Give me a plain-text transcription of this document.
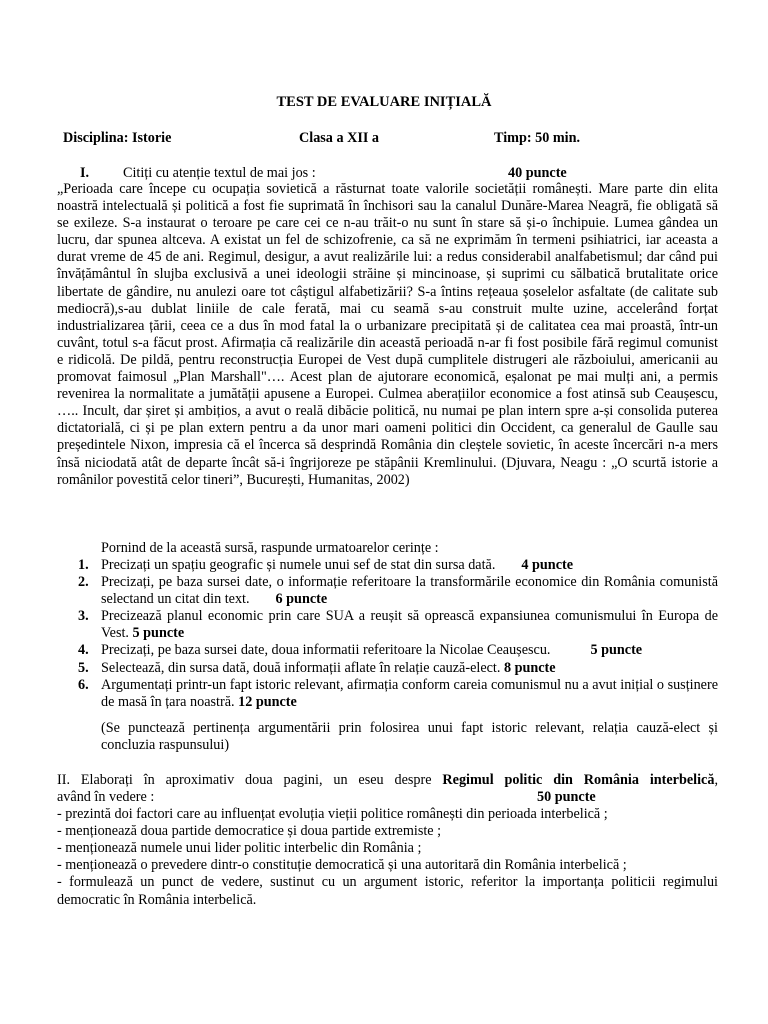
TEST DE EVALUARE INIȚIALĂ
Disciplina: Istorie	Clasa a XII a	Timp: 50 min.
I. Citiți cu atenție textul de mai jos :	40 puncte

„Perioada care începe cu ocupația sovietică a răsturnat toate valorile societății românești. Mare parte din elita noastră intelectuală și politică a fost fie suprimată în închisori sau la canalul Dunăre-Marea Neagră, fie obligată să se exileze. S-a instaurat o teroare pe care cei ce n-au trăit-o nu sunt în stare să și-o închipuie. Lumea gândea un lucru, dar spunea altceva. A existat un fel de schizofrenie, ca să ne exprimăm în termeni psihiatrici, iar aceasta a durat vreme de 45 de ani. Regimul, desigur, a avut realizările lui: a redus considerabil analfabetismul; dar când pui învățământul în slujba exclusivă a unei ideologii străine și mincinoase, și suprimi cu sălbatică brutalitate orice libertate de gândire, nu anulezi oare tot câștigul alfabetizării? S-a întins rețeaua șoselelor asfaltate (de calitate sub mediocră),s-au dublat liniile de cale ferată, mai cu seamă s-au construit multe uzine, accelerând forțat industrializarea țării, ceea ce a dus în mod fatal la o urbanizare precipitată și de calitatea cea mai proastă, într-un cuvânt, totul s-a făcut prost. Afirmația că realizările din această perioadă n-ar fi fost posibile fără regimul comunist e ridicolă. De pildă, pentru reconstrucția Europei de Vest după cumplitele distrugeri ale războiului, americanii au promovat faimosul „Plan Marshall"…. Acest plan de ajutorare economică, eșalonat pe mai mulți ani, a permis revenirea la normalitate a jumătății apusene a Europei. Culmea aberațiilor economice a fost atinsă sub Ceaușescu, ….. Incult, dar șiret și ambițios, a avut o reală dibăcie politică, nu numai pe plan intern spre a-și consolida puterea dictatorială, ci și pe plan extern pentru a da unor mari oameni politici din Occident, ca generalul de Gaulle sau președintele Nixon, impresia că el încerca să desprindă România din cleștele sovietic, în aceste încercări n-a mers însă niciodată atât de departe încât să-i îngrijoreze pe stăpânii Kremlinului. (Djuvara, Neagu : „O scurtă istorie a românilor povestită celor tineri”, București, Humanitas, 2002)

Pornind de la această sursă, raspunde urmatoarelor cerințe :
1. Precizați un spațiu geografic și numele unui sef de stat din sursa dată. 4 puncte
2. Precizați, pe baza sursei date, o informație referitoare la transformările economice din România comunistă selectand un citat din text. 6 puncte
3. Precizează planul economic prin care SUA a reușit să oprească expansiunea comunismului în Europa de Vest. 5 puncte
4. Precizați, pe baza sursei date, doua informatii referitoare la Nicolae Ceaușescu.	5 puncte
5. Selectează, din sursa dată, două informații aflate în relație cauză-elect. 8 puncte
6. Argumentați printr-un fapt istoric relevant, afirmația conform careia comunismul nu a avut inițial o susținere de masă în țara noastră. 12 puncte
(Se punctează pertinența argumentării prin folosirea unui fapt istoric relevant, relația cauză-elect și concluzia raspunsului)
II. Elaborați în aproximativ doua pagini, un eseu despre Regimul politic din România interbelică,
având în vedere :	50 puncte
- prezintă doi factori care au influențat evoluția vieții politice românești din perioada interbelică ;
- menționează doua partide democratice și doua partide extremiste ;
- menționează numele unui lider politic interbelic din România ;
- menționează o prevedere dintr-o constituție democratică și una autoritară din România interbelică ;
- formulează un punct de vedere, sustinut cu un argument istoric, referitor la importanța politicii regimului democratic în România interbelică.
